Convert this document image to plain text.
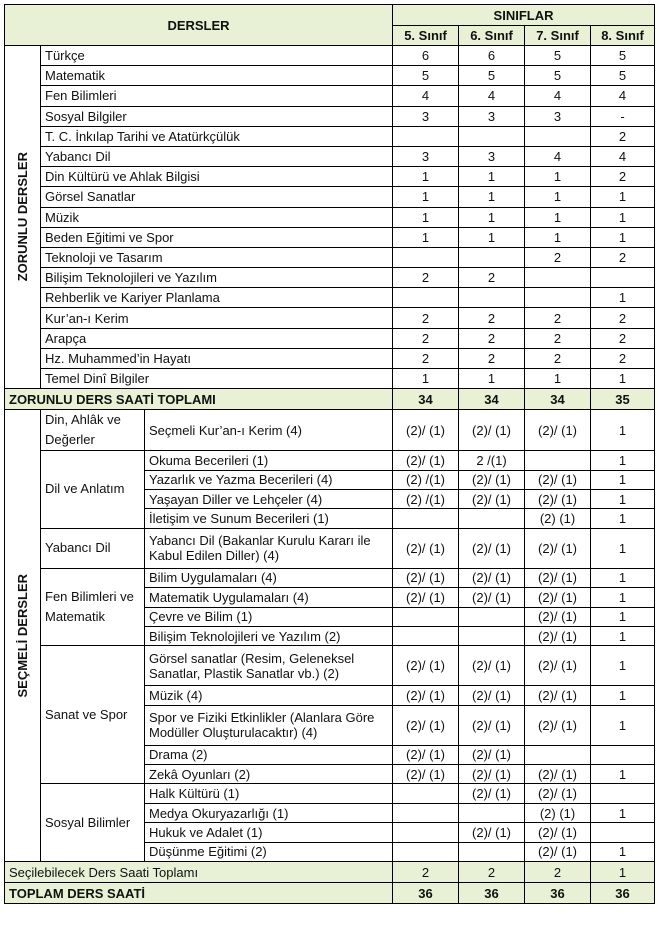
DERSLER			SINIFLAR			
			5. Sınıf	6. Sınıf	7. Sınıf	8. Sınıf

ZORUNLU DERSLER	Türkçe		6	6	5	5
	Matematik		5	5	5	5
	Fen Bilimleri		4	4	4	4
	Sosyal Bilgiler		3	3	3	-
	T. C. İnkılap Tarihi ve Atatürkçülük					2
	Yabancı Dil		3	3	4	4
	Din Kültürü ve Ahlak Bilgisi		1	1	1	2
	Görsel Sanatlar		1	1	1	1
	Müzik		1	1	1	1
	Beden Eğitimi ve Spor		1	1	1	1
	Teknoloji ve Tasarım				2	2
	Bilişim Teknolojileri ve Yazılım		2	2		
	Rehberlik ve Kariyer Planlama					1
	Kur’an-ı Kerim		2	2	2	2
	Arapça		2	2	2	2
	Hz. Muhammed’in Hayatı		2	2	2	2
	Temel Dinî Bilgiler		1	1	1	1
ZORUNLU DERS SAATİ TOPLAMI			34	34	34	35

SEÇMELİ DERSLER	Din, Ahlâk ve Değerler	Seçmeli Kur’an-ı Kerim (4)	(2)/ (1)	(2)/ (1)	(2)/ (1)	1
	Dil ve Anlatım	Okuma Becerileri (1)	(2)/ (1)	2 /(1)		1
		Yazarlık ve Yazma Becerileri (4)	(2) /(1)	(2)/ (1)	(2)/ (1)	1
		Yaşayan Diller ve Lehçeler (4)	(2) /(1)	(2)/ (1)	(2)/ (1)	1
		İletişim ve Sunum Becerileri (1)			(2) (1)	1
	Yabancı Dil	Yabancı Dil (Bakanlar Kurulu Kararı ile Kabul Edilen Diller) (4)	(2)/ (1)	(2)/ (1)	(2)/ (1)	1
	Fen Bilimleri ve Matematik	Bilim Uygulamaları (4)	(2)/ (1)	(2)/ (1)	(2)/ (1)	1
		Matematik Uygulamaları (4)	(2)/ (1)	(2)/ (1)	(2)/ (1)	1
		Çevre ve Bilim (1)			(2)/ (1)	1
		Bilişim Teknolojileri ve Yazılım (2)			(2)/ (1)	1
	Sanat ve Spor	Görsel sanatlar (Resim, Geleneksel Sanatlar, Plastik Sanatlar vb.) (2)	(2)/ (1)	(2)/ (1)	(2)/ (1)	1
		Müzik (4)	(2)/ (1)	(2)/ (1)	(2)/ (1)	1
		Spor ve Fiziki Etkinlikler (Alanlara Göre Modüller Oluşturulacaktır) (4)	(2)/ (1)	(2)/ (1)	(2)/ (1)	1
		Drama (2)	(2)/ (1)	(2)/ (1)		
		Zekâ Oyunları (2)	(2)/ (1)	(2)/ (1)	(2)/ (1)	1
	Sosyal Bilimler	Halk Kültürü (1)		(2)/ (1)	(2)/ (1)	
		Medya Okuryazarlığı (1)			(2) (1)	1
		Hukuk ve Adalet (1)		(2)/ (1)	(2)/ (1)	
		Düşünme Eğitimi (2)			(2)/ (1)	1
Seçilebilecek Ders Saati Toplamı			2	2	2	1
TOPLAM DERS SAATİ			36	36	36	36
